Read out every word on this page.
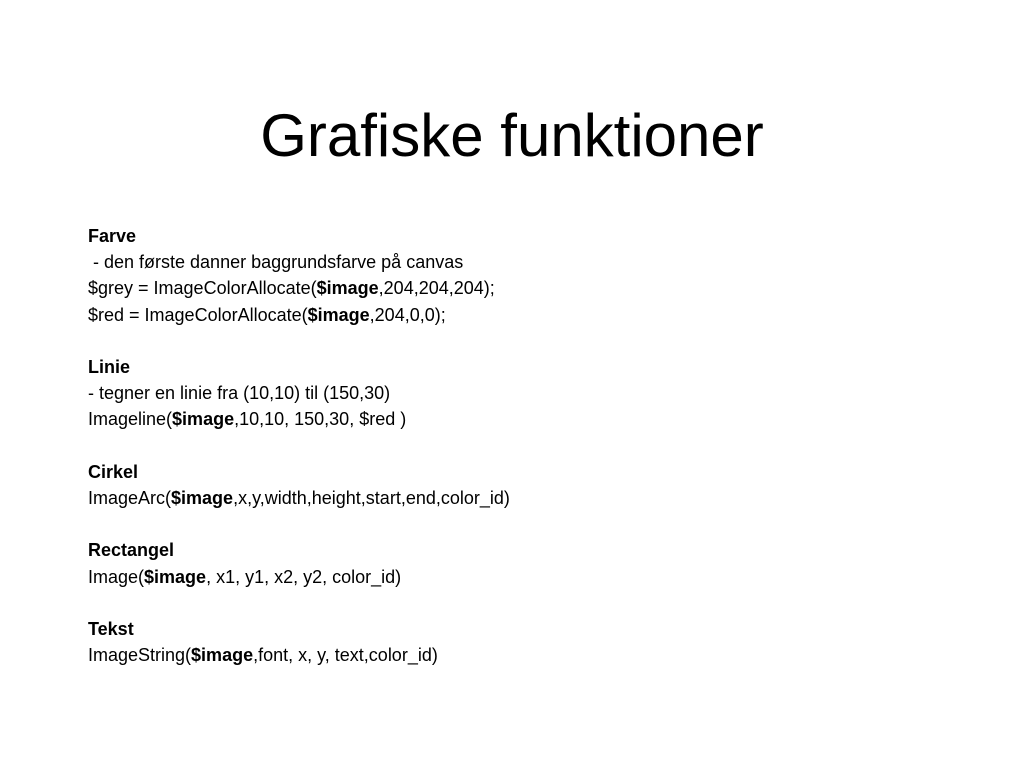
Grafiske funktioner
Farve
- den første danner baggrundsfarve på canvas
$grey = ImageColorAllocate($image,204,204,204);
$red = ImageColorAllocate($image,204,0,0);
Linie
- tegner en linie fra (10,10) til (150,30)
Imageline($image,10,10, 150,30, $red )
Cirkel
ImageArc($image,x,y,width,height,start,end,color_id)
Rectangel
Image($image, x1, y1, x2, y2, color_id)
Tekst
ImageString($image,font, x, y, text,color_id)
